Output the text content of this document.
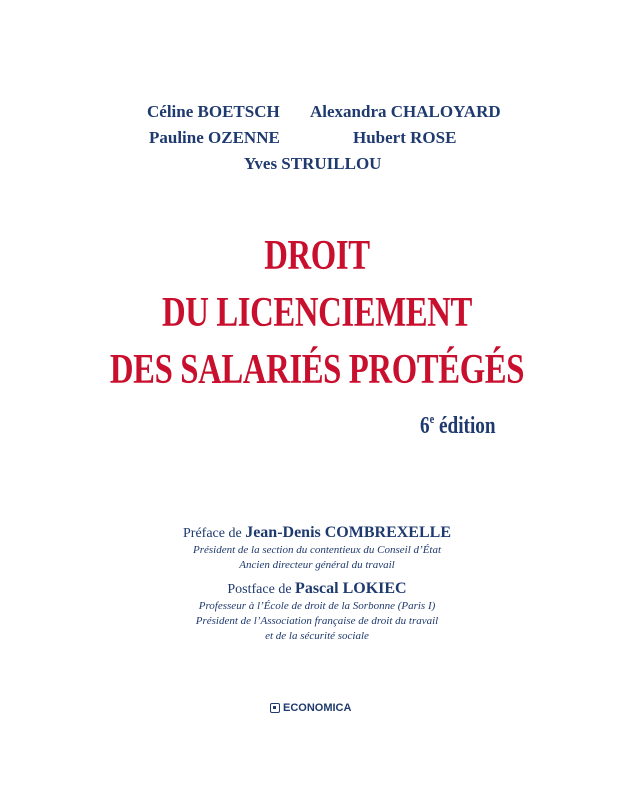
Céline BOETSCH Alexandra CHALOYARD
Pauline OZENNE	Hubert ROSE
Yves STRUILLOU
DROIT
DU LICENCIEMENT
DES SALARIÉS PROTÉGÉS
6e édition
Préface de Jean-Denis COMBREXELLE
Président de la section du contentieux du Conseil d’État
Ancien directeur général du travail
Postface de Pascal LOKIEC
Professeur à l’École de droit de la Sorbonne (Paris I)
Président de l’Association française de droit du travail
et de la sécurité sociale
ECONOMICA
